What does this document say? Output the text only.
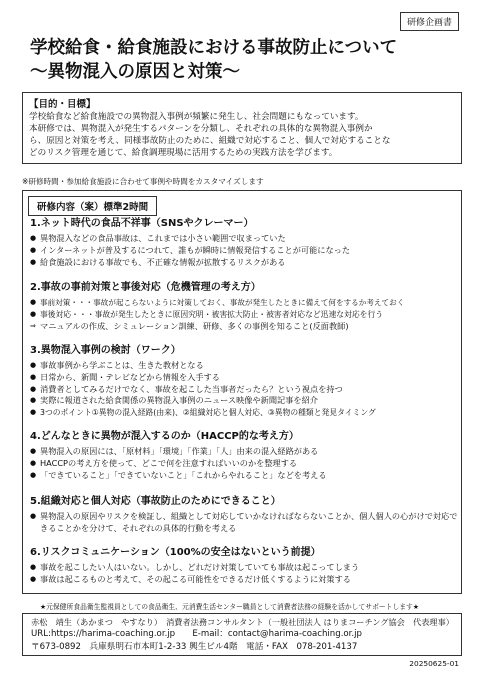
研修企画書
学校給食・給食施設における事故防止について
～異物混入の原因と対策～
【目的・目標】
学校給食など給食施設での異物混入事例が頻繁に発生し、社会問題にもなっています。
本研修では、異物混入が発生するパターンを分類し、それぞれの具体的な異物混入事例か
ら、原因と対策を考え、同様事故防止のために、組織で対応すること、個人で対応することな
どのリスク管理を通じて、給食調理現場に活用するための実践方法を学びます。
※研修時間・参加給食施設に合わせて事例や時間をカスタマイズします
研修内容（案）標準2時間
1.ネット時代の食品不祥事（SNSやクレーマー）
● 異物混入などの食品事故は、これまでは小さい範囲で収まっていた
● インターネットが普及するにつれて、誰もが瞬時に情報発信することが可能になった
● 給食施設における事故でも、不正確な情報が拡散するリスクがある
2.事故の事前対策と事後対応（危機管理の考え方）
● 事前対策・・・事故が起こらないように対策しておく、事故が発生したときに備えて何をするか考えておく
● 事後対応・・・事故が発生したときに原因究明・被害拡大防止・被害者対応など迅速な対応を行う
⇒ マニュアルの作成、シミュレーション訓練、研修、多くの事例を知ること(反面教師)
3.異物混入事例の検討（ワーク）
● 事故事例から学ぶことは、生きた教材となる
● 日常から、新聞・テレビなどから情報を入手する
● 消費者としてみるだけでなく、事故を起こした当事者だったら？という視点を持つ
● 実際に報道された給食関係の異物混入事例のニュース映像や新聞記事を紹介
● 3つのポイント①異物の混入経路(由来)、②組織対応と個人対応、③異物の種類と発見タイミング
4.どんなときに異物が混入するのか（HACCP的な考え方）
● 異物混入の原因には、「原材料」「環境」「作業」「人」由来の混入経路がある
● HACCPの考え方を使って、どこで何を注意すればいいのかを整理する
● 「できていること」「できていないこと」「これからやれること」などを考える
5.組織対応と個人対応（事故防止のためにできること）
● 異物混入の原因やリスクを検証し、組織として対応していかなければならないことか、個人個人の心がけで対応できることかを分けて、それぞれの具体的行動を考える
6.リスクコミュニケーション（100%の安全はないという前提）
● 事故を起こしたい人はいない。しかし、どれだけ対策していても事故は起こってしまう
● 事故は起こるものと考えて、その起こる可能性をできるだけ低くするように対策する
★元保健所食品衛生監視員としての食品衛生、元消費生活センター職員として消費者法務の経験を活かしてサポートします★
赤松　靖生（あかまつ　やすなり）　消費者法務コンサルタント（一般社団法人 はりまコーチング協会　代表理事）
URL:https://harima-coaching.or.jp　　E-mail：contact@harima-coaching.or.jp
〒673-0892　兵庫県明石市本町1-2-33 興生ビル4階　電話・FAX　078-201-4137
20250625-01
